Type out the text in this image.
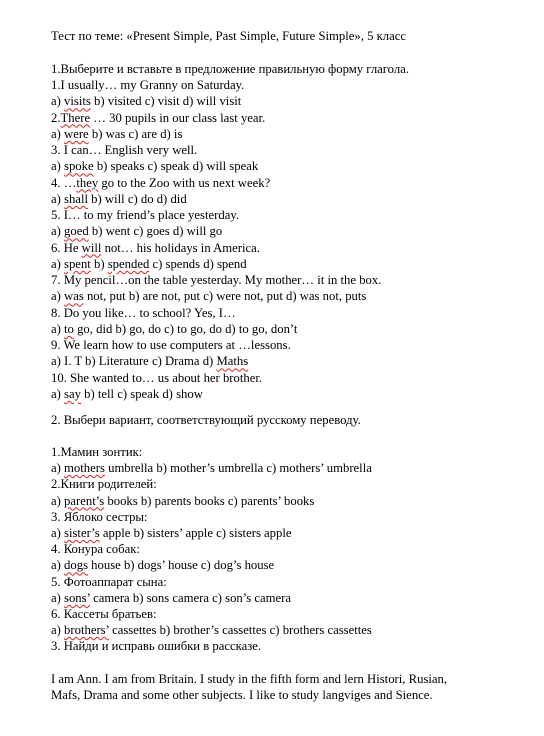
Тест по теме: «Present Simple, Past Simple, Future Simple», 5 класс
1.Выберите и вставьте в предложение правильную форму глагола.
1.I usually… my Granny on Saturday.
a) visits b) visited c) visit d) will visit
2.There … 30 pupils in our class last year.
a) were b) was c) are d) is
3. I can… English very well.
a) spoke b) speaks c) speak d) will speak
4. …they go to the Zoo with us next week?
a) shall b) will c) do d) did
5. I… to my friend’s place yesterday.
a) goed b) went c) goes d) will go
6. He will not… his holidays in America.
a) spent b) spended c) spends d) spend
7. My pencil…on the table yesterday. My mother… it in the box.
a) was not, put b) are not, put c) were not, put d) was not, puts
8. Do you like… to school? Yes, I…
a) to go, did b) go, do c) to go, do d) to go, don’t
9. We learn how to use computers at …lessons.
a) I. T b) Literature c) Drama d) Maths
10. She wanted to… us about her brother.
a) say b) tell c) speak d) show
2. Выбери вариант, соответствующий русскому переводу.
1.Мамин зонтик:
a) mothers umbrella b) mother’s umbrella c) mothers’ umbrella
2.Книги родителей:
a) parent’s books b) parents books c) parents’ books
3. Яблоко сестры:
a) sister’s apple b) sisters’ apple c) sisters apple
4. Конура собак:
a) dogs house b) dogs’ house c) dog’s house
5. Фотоаппарат сына:
a) sons’ camera b) sons camera c) son’s camera
6. Кассеты братьев:
a) brothers’ cassettes b) brother’s cassettes c) brothers cassettes
3. Найди и исправь ошибки в рассказе.
I am Ann. I am from Britain. I study in the fifth form and lern Histori, Rusian,
Mafs, Drama and some other subjects. I like to study langviges and Sience.
